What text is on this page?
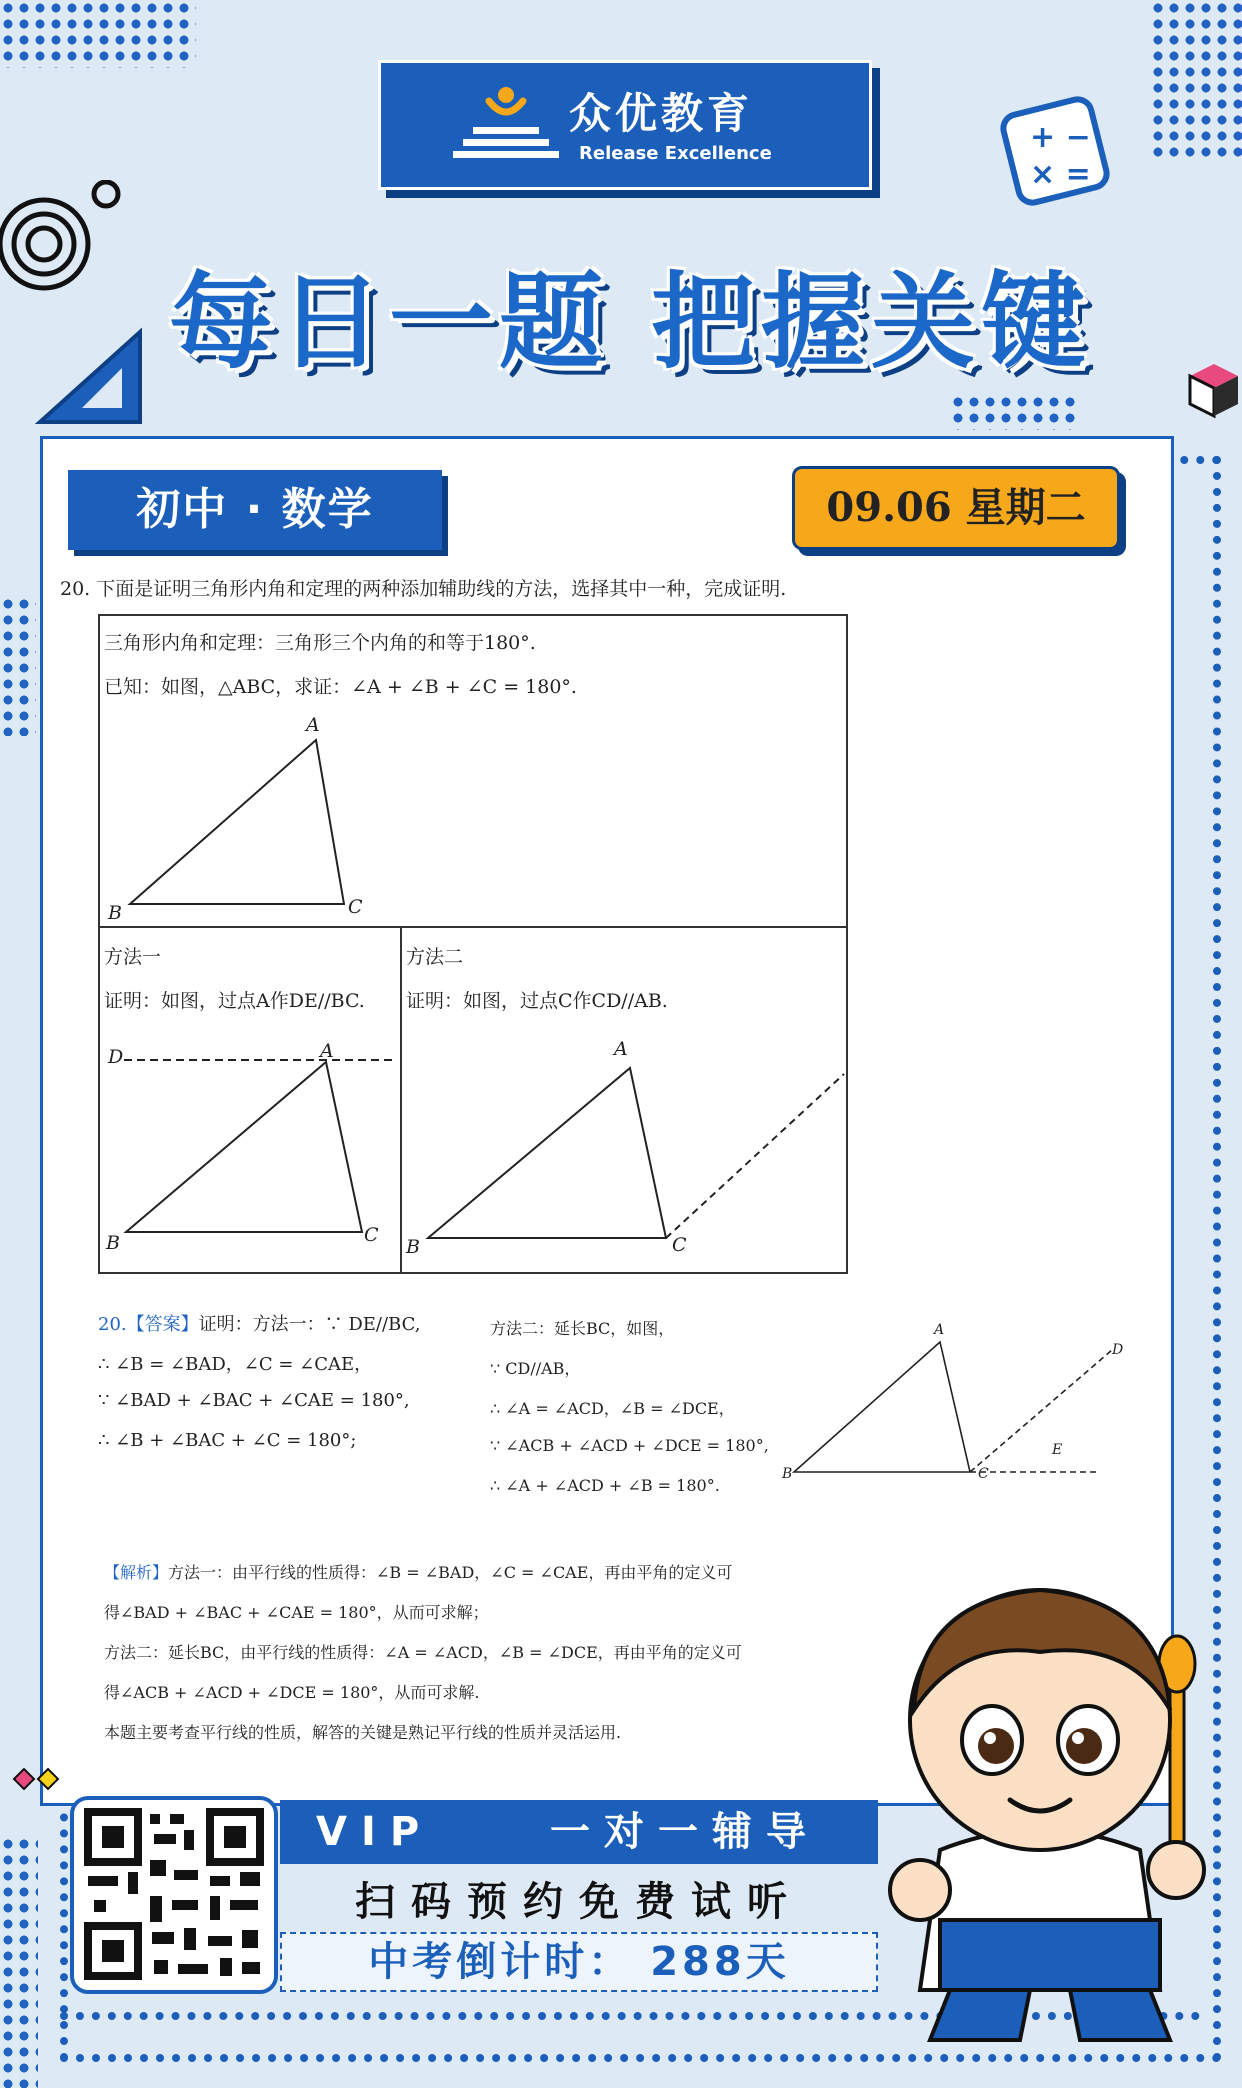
+ −
× =
众优教育
Release Excellence
每日一题 把握关键
初中 · 数学	09.06 星期二
20. 下面是证明三角形内角和定理的两种添加辅助线的方法，选择其中一种，完成证明.
三角形内角和定理：三角形三个内角的和等于180°.
已知：如图，△ABC，求证：∠A + ∠B + ∠C = 180°.
A
B	C
方法一
证明：如图，过点A作DE//BC.
D	A
B	C
方法二
证明：如图，过点C作CD//AB.
A
B	C
20.【答案】证明：方法一：∵ DE//BC,
∴ ∠B = ∠BAD，∠C = ∠CAE，
∵ ∠BAD + ∠BAC + ∠CAE = 180°,
∴ ∠B + ∠BAC + ∠C = 180°;
方法二：延长BC，如图，
∵ CD//AB，
∴ ∠A = ∠ACD，∠B = ∠DCE，
∵ ∠ACB + ∠ACD + ∠DCE = 180°,
∴ ∠A + ∠ACD + ∠B = 180°.
A
D
B	C
E
【解析】方法一：由平行线的性质得：∠B = ∠BAD，∠C = ∠CAE，再由平角的定义可
得∠BAD + ∠BAC + ∠CAE = 180°，从而可求解；
方法二：延长BC，由平行线的性质得：∠A = ∠ACD，∠B = ∠DCE，再由平角的定义可
得∠ACB + ∠ACD + ∠DCE = 180°，从而可求解.
本题主要考查平行线的性质，解答的关键是熟记平行线的性质并灵活运用.
VIP	一对一辅导
扫码预约免费试听
中考倒计时： 288天
